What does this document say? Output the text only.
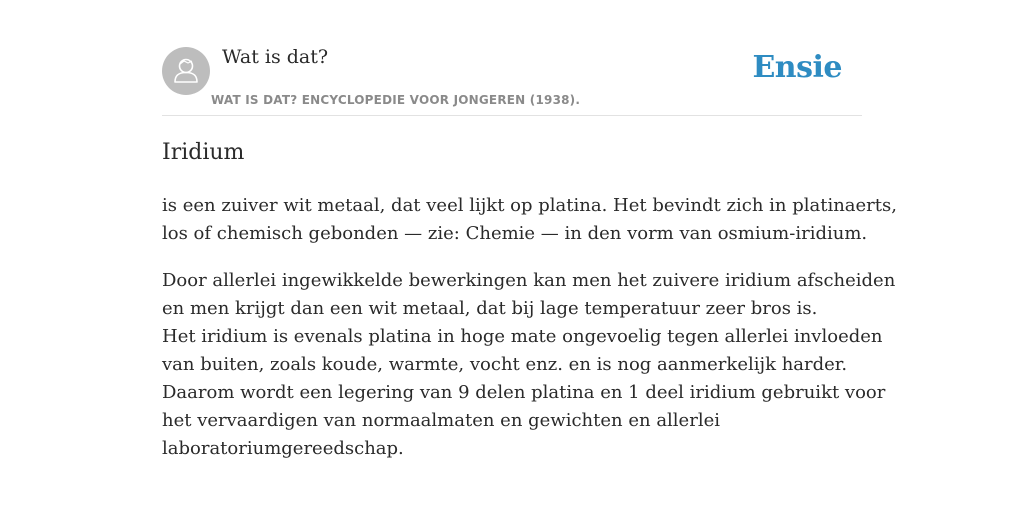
Wat is dat?
WAT IS DAT? ENCYCLOPEDIE VOOR JONGEREN (1938).
Ensie
Iridium

is een zuiver wit metaal, dat veel lijkt op platina. Het bevindt zich in platinaerts,
los of chemisch gebonden — zie: Chemie — in den vorm van osmium-iridium.

Door allerlei ingewikkelde bewerkingen kan men het zuivere iridium afscheiden
en men krijgt dan een wit metaal, dat bij lage temperatuur zeer bros is.
Het iridium is evenals platina in hoge mate ongevoelig tegen allerlei invloeden
van buiten, zoals koude, warmte, vocht enz. en is nog aanmerkelijk harder.
Daarom wordt een legering van 9 delen platina en 1 deel iridium gebruikt voor
het vervaardigen van normaalmaten en gewichten en allerlei
laboratoriumgereedschap.
